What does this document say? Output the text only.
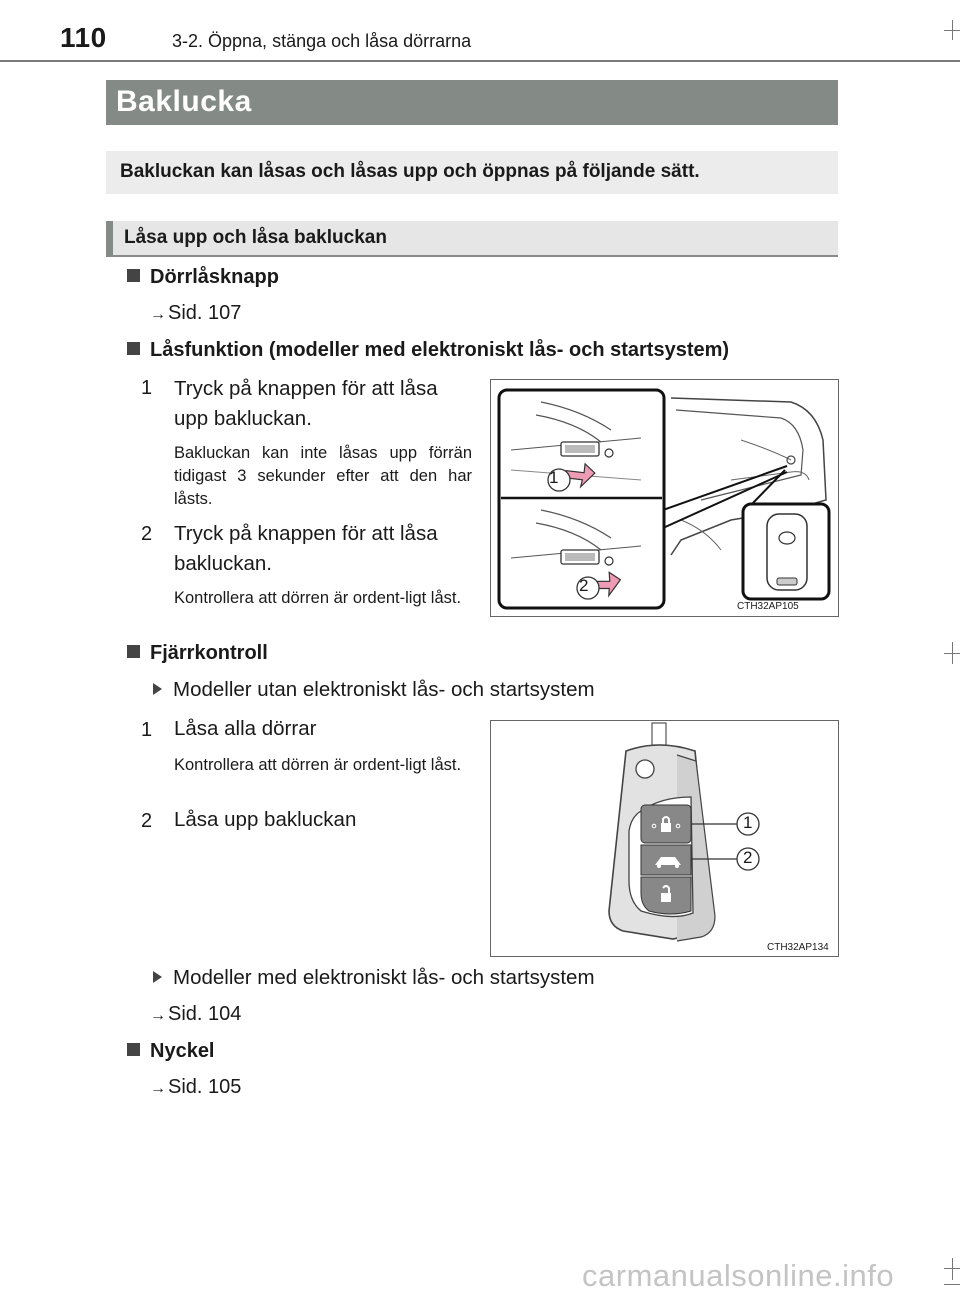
110	3-2. Öppna, stänga och låsa dörrarna
Baklucka
Bakluckan kan låsas och låsas upp och öppnas på följande sätt.
Låsa upp och låsa bakluckan
Dörrlåsknapp
→ Sid. 107
Låsfunktion (modeller med elektroniskt lås- och startsystem)
1 Tryck på knappen för att låsa upp bakluckan.
Bakluckan kan inte låsas upp förrän tidigast 3 sekunder efter att den har låsts.
2 Tryck på knappen för att låsa bakluckan.
Kontrollera att dörren är ordent-ligt låst.
1
2
CTH32AP105
Fjärrkontroll
Modeller utan elektroniskt lås- och startsystem
1 Låsa alla dörrar
Kontrollera att dörren är ordent-ligt låst.
2 Låsa upp bakluckan	1
2
CTH32AP134
Modeller med elektroniskt lås- och startsystem
→ Sid. 104
Nyckel
→ Sid. 105
carmanualsonline.info
